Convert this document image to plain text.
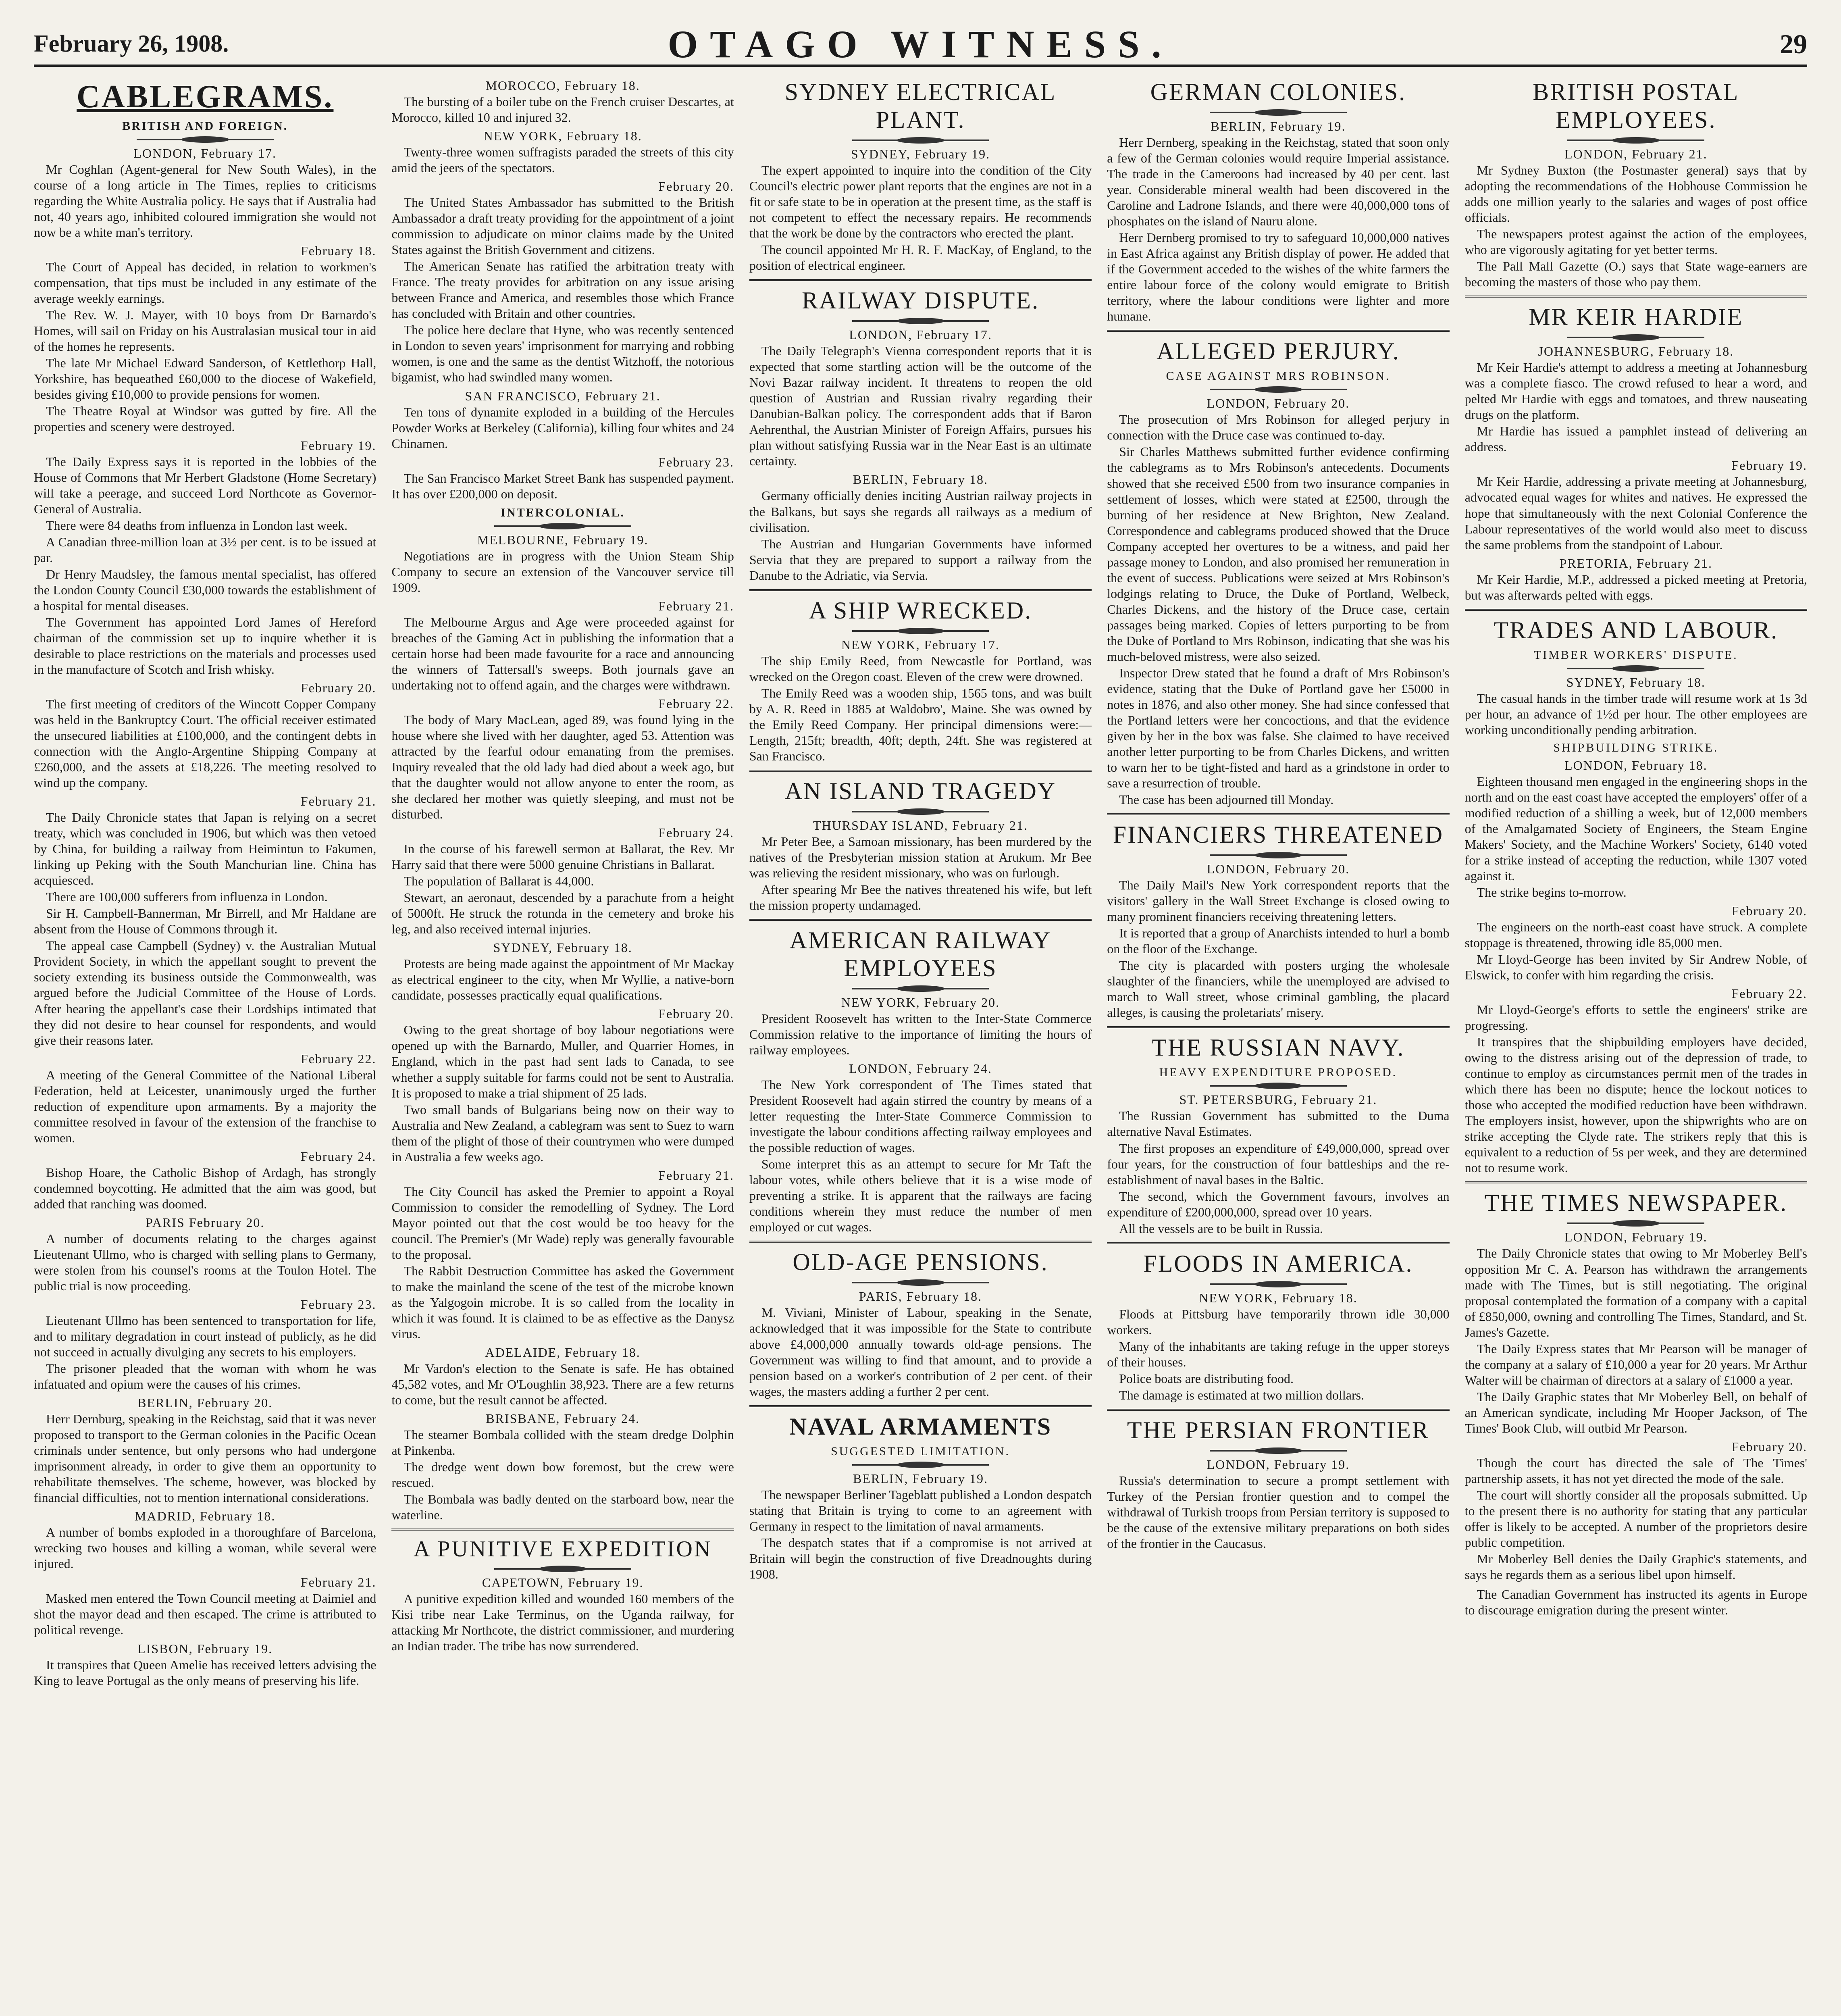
February 26, 1908.	OTAGO WITNESS.	29
CABLEGRAMS.
BRITISH AND FOREIGN.
LONDON, February 17.

Mr Coghlan (Agent-general for New South Wales), in the course of a long article in The Times, replies to criticisms regarding the White Australia policy. He says that if Australia had not, 40 years ago, inhibited coloured immigration she would not now be a white man's territory.

February 18.

The Court of Appeal has decided, in relation to workmen's compensation, that tips must be included in any estimate of the average weekly earnings.

The Rev. W. J. Mayer, with 10 boys from Dr Barnardo's Homes, will sail on Friday on his Australasian musical tour in aid of the homes he represents.

The late Mr Michael Edward Sanderson, of Kettlethorp Hall, Yorkshire, has bequeathed £60,000 to the diocese of Wakefield, besides giving £10,000 to provide pensions for women.

The Theatre Royal at Windsor was gutted by fire. All the properties and scenery were destroyed.

February 19.

The Daily Express says it is reported in the lobbies of the House of Commons that Mr Herbert Gladstone (Home Secretary) will take a peerage, and succeed Lord Northcote as Governor-General of Australia.

There were 84 deaths from influenza in London last week.

A Canadian three-million loan at 3½ per cent. is to be issued at par.

Dr Henry Maudsley, the famous mental specialist, has offered the London County Council £30,000 towards the establishment of a hospital for mental diseases.

The Government has appointed Lord James of Hereford chairman of the commission set up to inquire whether it is desirable to place restrictions on the materials and processes used in the manufacture of Scotch and Irish whisky.

February 20.

The first meeting of creditors of the Wincott Copper Company was held in the Bankruptcy Court. The official receiver estimated the unsecured liabilities at £100,000, and the contingent debts in connection with the Anglo-Argentine Shipping Company at £260,000, and the assets at £18,226. The meeting resolved to wind up the company.

February 21.

The Daily Chronicle states that Japan is relying on a secret treaty, which was concluded in 1906, but which was then vetoed by China, for building a railway from Heimintun to Fakumen, linking up Peking with the South Manchurian line. China has acquiesced.

There are 100,000 sufferers from influenza in London.

Sir H. Campbell-Bannerman, Mr Birrell, and Mr Haldane are absent from the House of Commons through it.

The appeal case Campbell (Sydney) v. the Australian Mutual Provident Society, in which the appellant sought to prevent the society extending its business outside the Commonwealth, was argued before the Judicial Committee of the House of Lords. After hearing the appellant's case their Lordships intimated that they did not desire to hear counsel for respondents, and would give their reasons later.

February 22.

A meeting of the General Committee of the National Liberal Federation, held at Leicester, unanimously urged the further reduction of expenditure upon armaments. By a majority the committee resolved in favour of the extension of the franchise to women.

February 24.

Bishop Hoare, the Catholic Bishop of Ardagh, has strongly condemned boycotting. He admitted that the aim was good, but added that ranching was doomed.

PARIS February 20.

A number of documents relating to the charges against Lieutenant Ullmo, who is charged with selling plans to Germany, were stolen from his counsel's rooms at the Toulon Hotel. The public trial is now proceeding.

February 23.

Lieutenant Ullmo has been sentenced to transportation for life, and to military degradation in court instead of publicly, as he did not succeed in actually divulging any secrets to his employers.

The prisoner pleaded that the woman with whom he was infatuated and opium were the causes of his crimes.

BERLIN, February 20.

Herr Dernburg, speaking in the Reichstag, said that it was never proposed to transport to the German colonies in the Pacific Ocean criminals under sentence, but only persons who had undergone imprisonment already, in order to give them an opportunity to rehabilitate themselves. The scheme, however, was blocked by financial difficulties, not to mention international considerations.

MADRID, February 18.

A number of bombs exploded in a thoroughfare of Barcelona, wrecking two houses and killing a woman, while several were injured.

February 21.

Masked men entered the Town Council meeting at Daimiel and shot the mayor dead and then escaped. The crime is attributed to political revenge.

LISBON, February 19.

It transpires that Queen Amelie has received letters advising the King to leave Portugal as the only means of preserving his life.

MOROCCO, February 18.

The bursting of a boiler tube on the French cruiser Descartes, at Morocco, killed 10 and injured 32.

NEW YORK, February 18.

Twenty-three women suffragists paraded the streets of this city amid the jeers of the spectators.

February 20.

The United States Ambassador has submitted to the British Ambassador a draft treaty providing for the appointment of a joint commission to adjudicate on minor claims made by the United States against the British Government and citizens.

The American Senate has ratified the arbitration treaty with France. The treaty provides for arbitration on any issue arising between France and America, and resembles those which France has concluded with Britain and other countries.

The police here declare that Hyne, who was recently sentenced in London to seven years' imprisonment for marrying and robbing women, is one and the same as the dentist Witzhoff, the notorious bigamist, who had swindled many women.

SAN FRANCISCO, February 21.

Ten tons of dynamite exploded in a building of the Hercules Powder Works at Berkeley (California), killing four whites and 24 Chinamen.

February 23.

The San Francisco Market Street Bank has suspended payment. It has over £200,000 on deposit.

INTERCOLONIAL.
MELBOURNE, February 19.

Negotiations are in progress with the Union Steam Ship Company to secure an extension of the Vancouver service till 1909.

February 21.

The Melbourne Argus and Age were proceeded against for breaches of the Gaming Act in publishing the information that a certain horse had been made favourite for a race and announcing the winners of Tattersall's sweeps. Both journals gave an undertaking not to offend again, and the charges were withdrawn.

February 22.

The body of Mary MacLean, aged 89, was found lying in the house where she lived with her daughter, aged 53. Attention was attracted by the fearful odour emanating from the premises. Inquiry revealed that the old lady had died about a week ago, but that the daughter would not allow anyone to enter the room, as she declared her mother was quietly sleeping, and must not be disturbed.

February 24.

In the course of his farewell sermon at Ballarat, the Rev. Mr Harry said that there were 5000 genuine Christians in Ballarat.

The population of Ballarat is 44,000.

Stewart, an aeronaut, descended by a parachute from a height of 5000ft. He struck the rotunda in the cemetery and broke his leg, and also received internal injuries.

SYDNEY, February 18.

Protests are being made against the appointment of Mr Mackay as electrical engineer to the city, when Mr Wyllie, a native-born candidate, possesses practically equal qualifications.

February 20.

Owing to the great shortage of boy labour negotiations were opened up with the Barnardo, Muller, and Quarrier Homes, in England, which in the past had sent lads to Canada, to see whether a supply suitable for farms could not be sent to Australia. It is proposed to make a trial shipment of 25 lads.

Two small bands of Bulgarians being now on their way to Australia and New Zealand, a cablegram was sent to Suez to warn them of the plight of those of their countrymen who were dumped in Australia a few weeks ago.

February 21.

The City Council has asked the Premier to appoint a Royal Commission to consider the remodelling of Sydney. The Lord Mayor pointed out that the cost would be too heavy for the council. The Premier's (Mr Wade) reply was generally favourable to the proposal.

The Rabbit Destruction Committee has asked the Government to make the mainland the scene of the test of the microbe known as the Yalgogoin microbe. It is so called from the locality in which it was found. It is claimed to be as effective as the Danysz virus.

ADELAIDE, February 18.

Mr Vardon's election to the Senate is safe. He has obtained 45,582 votes, and Mr O'Loughlin 38,923. There are a few returns to come, but the result cannot be affected.

BRISBANE, February 24.

The steamer Bombala collided with the steam dredge Dolphin at Pinkenba.

The dredge went down bow foremost, but the crew were rescued.

The Bombala was badly dented on the starboard bow, near the waterline.

A PUNITIVE EXPEDITION
CAPETOWN, February 19.

A punitive expedition killed and wounded 160 members of the Kisi tribe near Lake Terminus, on the Uganda railway, for attacking Mr Northcote, the district commissioner, and murdering an Indian trader. The tribe has now surrendered.

SYDNEY ELECTRICAL PLANT.
SYDNEY, February 19.

The expert appointed to inquire into the condition of the City Council's electric power plant reports that the engines are not in a fit or safe state to be in operation at the present time, as the staff is not competent to effect the necessary repairs. He recommends that the work be done by the contractors who erected the plant.

The council appointed Mr H. R. F. MacKay, of England, to the position of electrical engineer.

RAILWAY DISPUTE.
LONDON, February 17.

The Daily Telegraph's Vienna correspondent reports that it is expected that some startling action will be the outcome of the Novi Bazar railway incident. It threatens to reopen the old question of Austrian and Russian rivalry regarding their Danubian-Balkan policy. The correspondent adds that if Baron Aehrenthal, the Austrian Minister of Foreign Affairs, pursues his plan without satisfying Russia war in the Near East is an ultimate certainty.

BERLIN, February 18.

Germany officially denies inciting Austrian railway projects in the Balkans, but says she regards all railways as a medium of civilisation.

The Austrian and Hungarian Governments have informed Servia that they are prepared to support a railway from the Danube to the Adriatic, via Servia.

A SHIP WRECKED.
NEW YORK, February 17.

The ship Emily Reed, from Newcastle for Portland, was wrecked on the Oregon coast. Eleven of the crew were drowned.

The Emily Reed was a wooden ship, 1565 tons, and was built by A. R. Reed in 1885 at Waldobro', Maine. She was owned by the Emily Reed Company. Her principal dimensions were:—Length, 215ft; breadth, 40ft; depth, 24ft. She was registered at San Francisco.

AN ISLAND TRAGEDY
THURSDAY ISLAND, February 21.

Mr Peter Bee, a Samoan missionary, has been murdered by the natives of the Presbyterian mission station at Arukum. Mr Bee was relieving the resident missionary, who was on furlough.

After spearing Mr Bee the natives threatened his wife, but left the mission property undamaged.

AMERICAN RAILWAY EMPLOYEES
NEW YORK, February 20.

President Roosevelt has written to the Inter-State Commerce Commission relative to the importance of limiting the hours of railway employees.

LONDON, February 24.

The New York correspondent of The Times stated that President Roosevelt had again stirred the country by means of a letter requesting the Inter-State Commerce Commission to investigate the labour conditions affecting railway employees and the possible reduction of wages.

Some interpret this as an attempt to secure for Mr Taft the labour votes, while others believe that it is a wise mode of preventing a strike. It is apparent that the railways are facing conditions wherein they must reduce the number of men employed or cut wages.

OLD-AGE PENSIONS.
PARIS, February 18.

M. Viviani, Minister of Labour, speaking in the Senate, acknowledged that it was impossible for the State to contribute above £4,000,000 annually towards old-age pensions. The Government was willing to find that amount, and to provide a pension based on a worker's contribution of 2 per cent. of their wages, the masters adding a further 2 per cent.

NAVAL ARMAMENTS
SUGGESTED LIMITATION.
BERLIN, February 19.

The newspaper Berliner Tageblatt published a London despatch stating that Britain is trying to come to an agreement with Germany in respect to the limitation of naval armaments.

The despatch states that if a compromise is not arrived at Britain will begin the construction of five Dreadnoughts during 1908.

GERMAN COLONIES.
BERLIN, February 19.

Herr Dernberg, speaking in the Reichstag, stated that soon only a few of the German colonies would require Imperial assistance. The trade in the Cameroons had increased by 40 per cent. last year. Considerable mineral wealth had been discovered in the Caroline and Ladrone Islands, and there were 40,000,000 tons of phosphates on the island of Nauru alone.

Herr Dernberg promised to try to safeguard 10,000,000 natives in East Africa against any British display of power. He added that if the Government acceded to the wishes of the white farmers the entire labour force of the colony would emigrate to British territory, where the labour conditions were lighter and more humane.

ALLEGED PERJURY.
CASE AGAINST MRS ROBINSON.
LONDON, February 20.

The prosecution of Mrs Robinson for alleged perjury in connection with the Druce case was continued to-day.

Sir Charles Matthews submitted further evidence confirming the cablegrams as to Mrs Robinson's antecedents. Documents showed that she received £500 from two insurance companies in settlement of losses, which were stated at £2500, through the burning of her residence at New Brighton, New Zealand. Correspondence and cablegrams produced showed that the Druce Company accepted her overtures to be a witness, and paid her passage money to London, and also promised her remuneration in the event of success. Publications were seized at Mrs Robinson's lodgings relating to Druce, the Duke of Portland, Welbeck, Charles Dickens, and the history of the Druce case, certain passages being marked. Copies of letters purporting to be from the Duke of Portland to Mrs Robinson, indicating that she was his much-beloved mistress, were also seized.

Inspector Drew stated that he found a draft of Mrs Robinson's evidence, stating that the Duke of Portland gave her £5000 in notes in 1876, and also other money. She had since confessed that the Portland letters were her concoctions, and that the evidence given by her in the box was false. She claimed to have received another letter purporting to be from Charles Dickens, and written to warn her to be tight-fisted and hard as a grindstone in order to save a resurrection of trouble.

The case has been adjourned till Monday.

FINANCIERS THREATENED
LONDON, February 20.

The Daily Mail's New York correspondent reports that the visitors' gallery in the Wall Street Exchange is closed owing to many prominent financiers receiving threatening letters.

It is reported that a group of Anarchists intended to hurl a bomb on the floor of the Exchange.

The city is placarded with posters urging the wholesale slaughter of the financiers, while the unemployed are advised to march to Wall street, whose criminal gambling, the placard alleges, is causing the proletariats' misery.

THE RUSSIAN NAVY.
HEAVY EXPENDITURE PROPOSED.
ST. PETERSBURG, February 21.

The Russian Government has submitted to the Duma alternative Naval Estimates.

The first proposes an expenditure of £49,000,000, spread over four years, for the construction of four battleships and the re-establishment of naval bases in the Baltic.

The second, which the Government favours, involves an expenditure of £200,000,000, spread over 10 years.

All the vessels are to be built in Russia.

FLOODS IN AMERICA.
NEW YORK, February 18.

Floods at Pittsburg have temporarily thrown idle 30,000 workers.

Many of the inhabitants are taking refuge in the upper storeys of their houses.

Police boats are distributing food.

The damage is estimated at two million dollars.

THE PERSIAN FRONTIER
LONDON, February 19.

Russia's determination to secure a prompt settlement with Turkey of the Persian frontier question and to compel the withdrawal of Turkish troops from Persian territory is supposed to be the cause of the extensive military preparations on both sides of the frontier in the Caucasus.

BRITISH POSTAL EMPLOYEES.
LONDON, February 21.

Mr Sydney Buxton (the Postmaster general) says that by adopting the recommendations of the Hobhouse Commission he adds one million yearly to the salaries and wages of post office officials.

The newspapers protest against the action of the employees, who are vigorously agitating for yet better terms.

The Pall Mall Gazette (O.) says that State wage-earners are becoming the masters of those who pay them.

MR KEIR HARDIE
JOHANNESBURG, February 18.

Mr Keir Hardie's attempt to address a meeting at Johannesburg was a complete fiasco. The crowd refused to hear a word, and pelted Mr Hardie with eggs and tomatoes, and threw nauseating drugs on the platform.

Mr Hardie has issued a pamphlet instead of delivering an address.

February 19.

Mr Keir Hardie, addressing a private meeting at Johannesburg, advocated equal wages for whites and natives. He expressed the hope that simultaneously with the next Colonial Conference the Labour representatives of the world would also meet to discuss the same problems from the standpoint of Labour.

PRETORIA, February 21.

Mr Keir Hardie, M.P., addressed a picked meeting at Pretoria, but was afterwards pelted with eggs.

TRADES AND LABOUR.
TIMBER WORKERS' DISPUTE.
SYDNEY, February 18.

The casual hands in the timber trade will resume work at 1s 3d per hour, an advance of 1½d per hour. The other employees are working unconditionally pending arbitration.

SHIPBUILDING STRIKE.
LONDON, February 18.

Eighteen thousand men engaged in the engineering shops in the north and on the east coast have accepted the employers' offer of a modified reduction of a shilling a week, but of 12,000 members of the Amalgamated Society of Engineers, the Steam Engine Makers' Society, and the Machine Workers' Society, 6140 voted for a strike instead of accepting the reduction, while 1307 voted against it.

The strike begins to-morrow.

February 20.

The engineers on the north-east coast have struck. A complete stoppage is threatened, throwing idle 85,000 men.

Mr Lloyd-George has been invited by Sir Andrew Noble, of Elswick, to confer with him regarding the crisis.

February 22.

Mr Lloyd-George's efforts to settle the engineers' strike are progressing.

It transpires that the shipbuilding employers have decided, owing to the distress arising out of the depression of trade, to continue to employ as circumstances permit men of the trades in which there has been no dispute; hence the lockout notices to those who accepted the modified reduction have been withdrawn. The employers insist, however, upon the shipwrights who are on strike accepting the Clyde rate. The strikers reply that this is equivalent to a reduction of 5s per week, and they are determined not to resume work.

THE TIMES NEWSPAPER.
LONDON, February 19.

The Daily Chronicle states that owing to Mr Moberley Bell's opposition Mr C. A. Pearson has withdrawn the arrangements made with The Times, but is still negotiating. The original proposal contemplated the formation of a company with a capital of £850,000, owning and controlling The Times, Standard, and St. James's Gazette.

The Daily Express states that Mr Pearson will be manager of the company at a salary of £10,000 a year for 20 years. Mr Arthur Walter will be chairman of directors at a salary of £1000 a year.

The Daily Graphic states that Mr Moberley Bell, on behalf of an American syndicate, including Mr Hooper Jackson, of The Times' Book Club, will outbid Mr Pearson.

February 20.

Though the court has directed the sale of The Times' partnership assets, it has not yet directed the mode of the sale.

The court will shortly consider all the proposals submitted. Up to the present there is no authority for stating that any particular offer is likely to be accepted. A number of the proprietors desire public competition.

Mr Moberley Bell denies the Daily Graphic's statements, and says he regards them as a serious libel upon himself.

The Canadian Government has instructed its agents in Europe to discourage emigration during the present winter.
